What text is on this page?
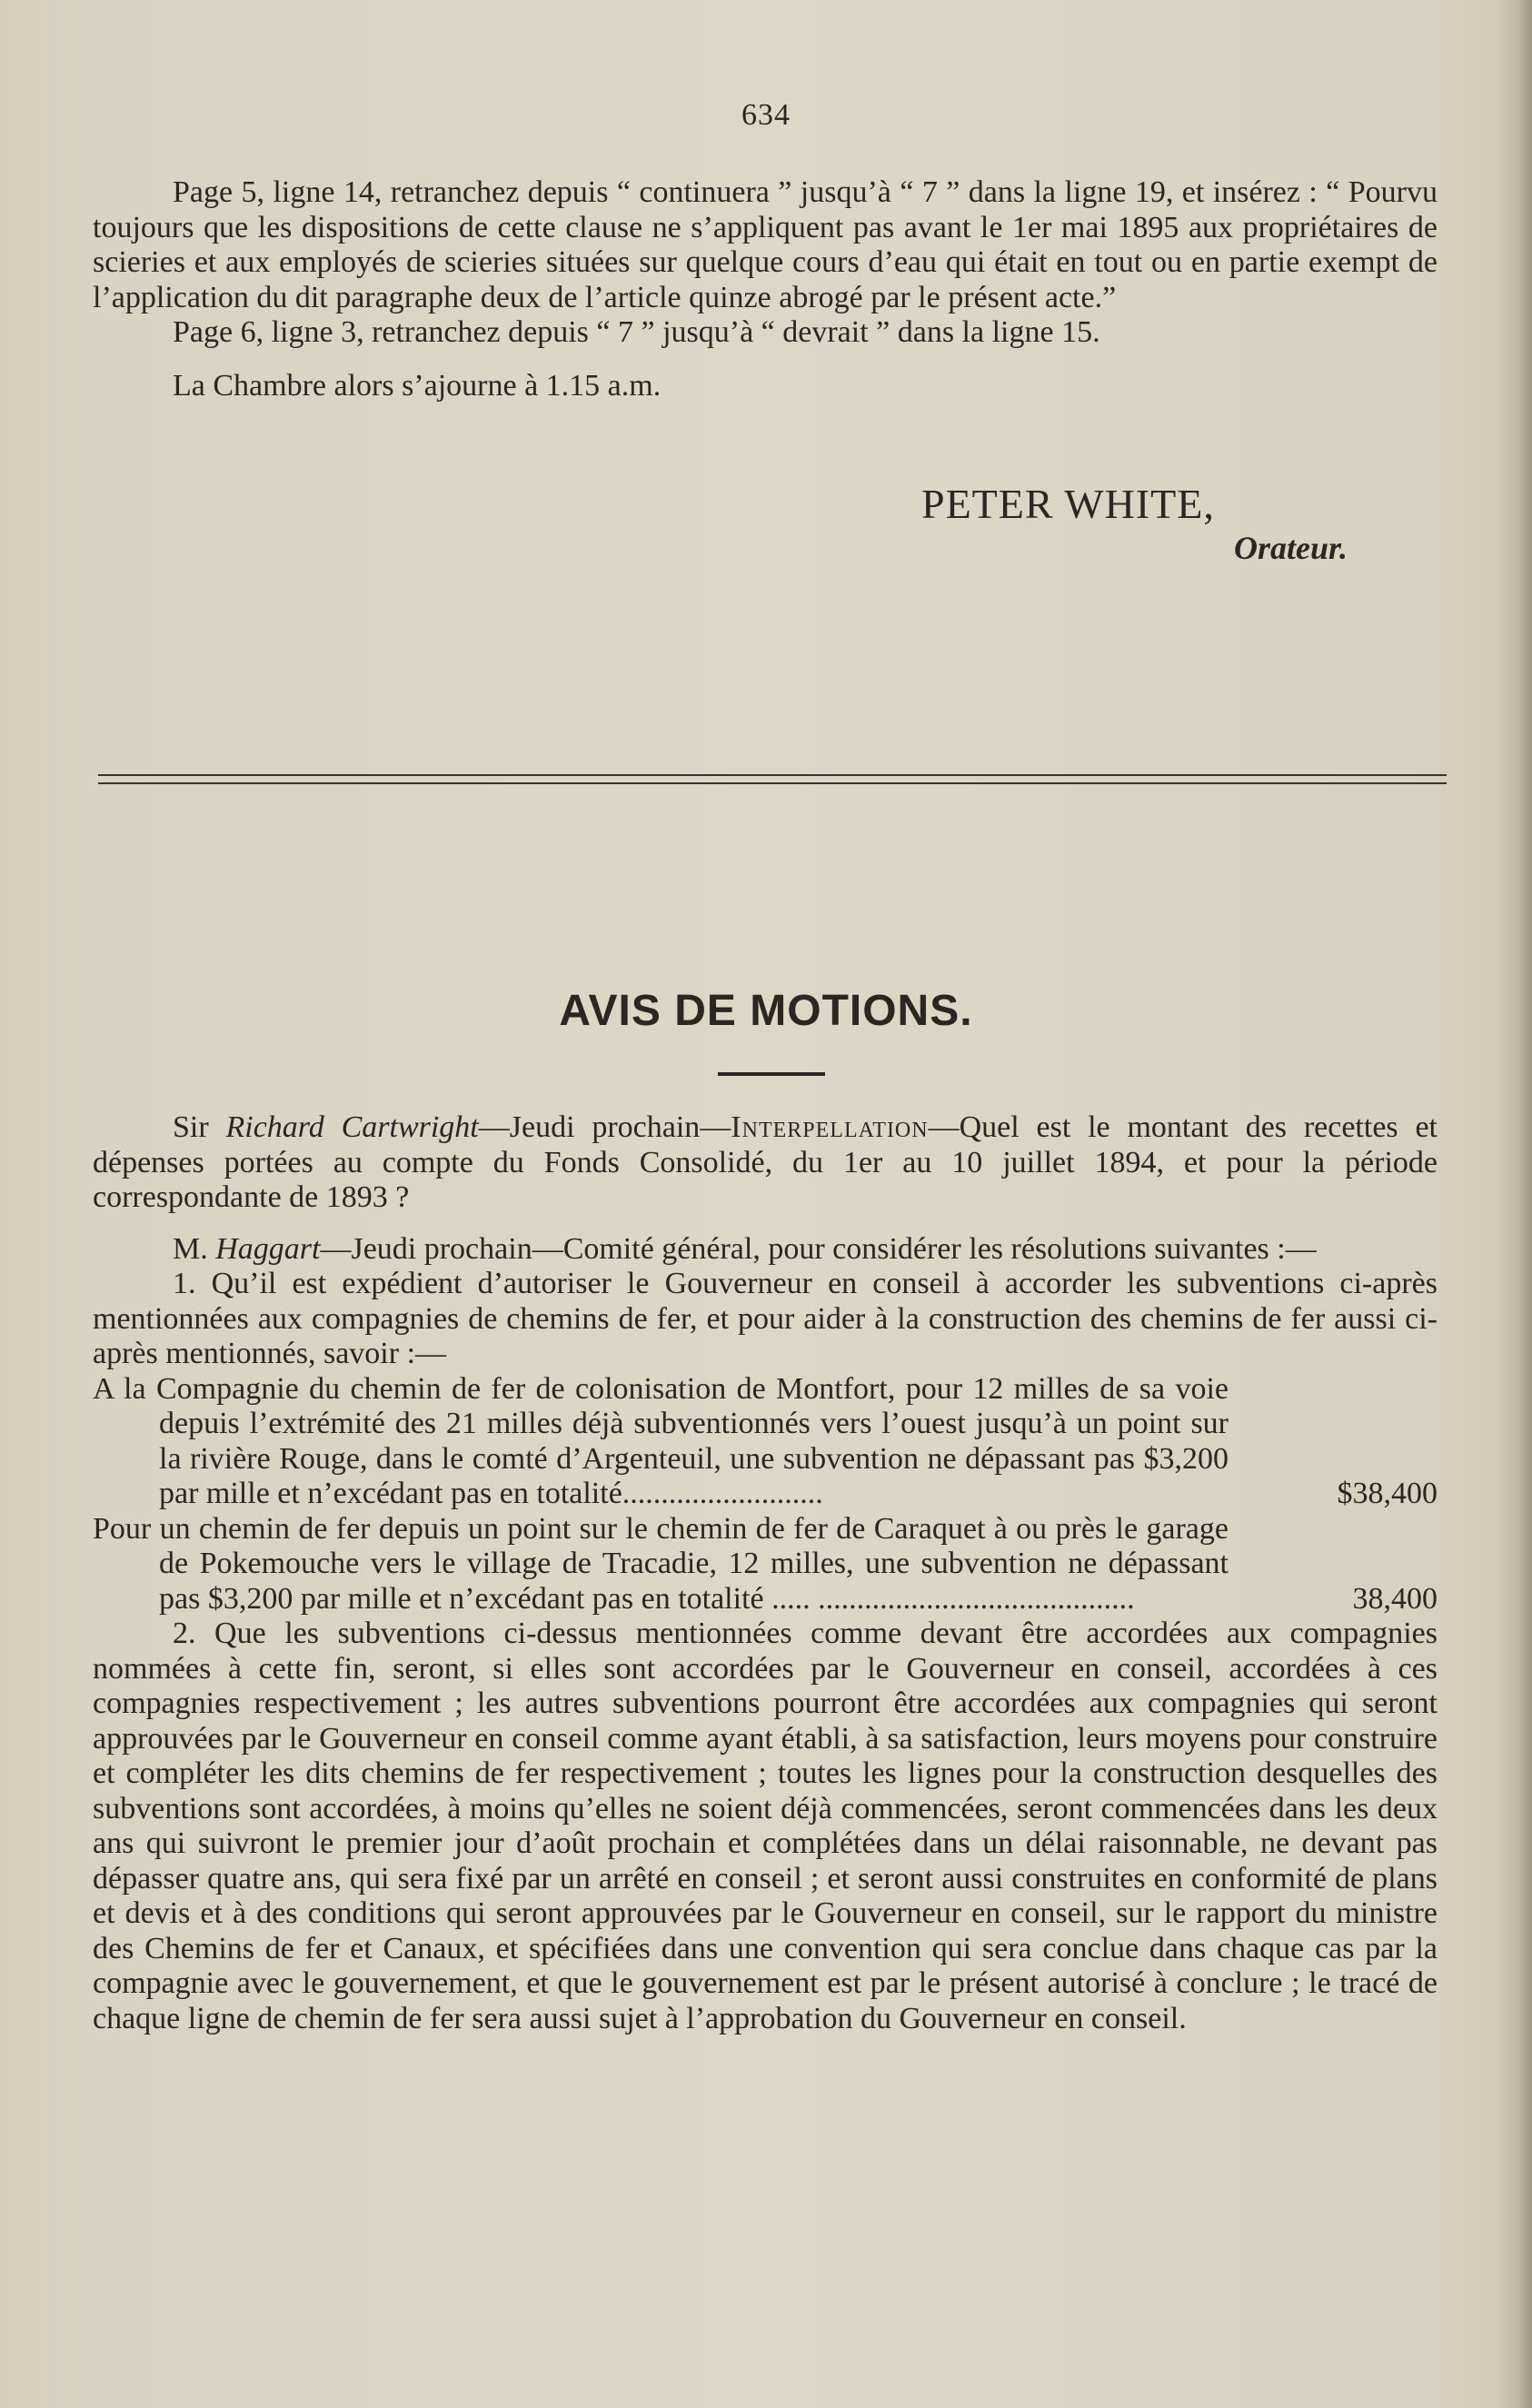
634

Page 5, ligne 14, retranchez depuis “ continuera ” jusqu’à “ 7 ” dans la ligne 19, et insérez : “ Pourvu toujours que les dispositions de cette clause ne s’appliquent pas avant le 1er mai 1895 aux propriétaires de scieries et aux employés de scieries situées sur quelque cours d’eau qui était en tout ou en partie exempt de l’application du dit paragraphe deux de l’article quinze abrogé par le présent acte.”

Page 6, ligne 3, retranchez depuis “ 7 ” jusqu’à “ devrait ” dans la ligne 15.

La Chambre alors s’ajourne à 1.15 a.m.

PETER WHITE,
Orateur.
AVIS DE MOTIONS.

Sir Richard Cartwright—Jeudi prochain—Interpellation—Quel est le montant des recettes et dépenses portées au compte du Fonds Consolidé, du 1er au 10 juillet 1894, et pour la période correspondante de 1893 ?

M. Haggart—Jeudi prochain—Comité général, pour considérer les résolutions suivantes :—

1. Qu’il est expédient d’autoriser le Gouverneur en conseil à accorder les subventions ci-après mentionnées aux compagnies de chemins de fer, et pour aider à la construction des chemins de fer aussi ci-après mentionnés, savoir :—

A la Compagnie du chemin de fer de colonisation de Montfort, pour 12 milles de sa voie depuis l’extrémité des 21 milles déjà subventionnés vers l’ouest jusqu’à un point sur la rivière Rouge, dans le comté d’Argenteuil, une subvention ne dépassant pas $3,200 par mille et n’excédant pas en totalité..........................	$38,400
Pour un chemin de fer depuis un point sur le chemin de fer de Caraquet à ou près le garage de Pokemouche vers le village de Tracadie, 12 milles, une subvention ne dépassant pas $3,200 par mille et n’excédant pas en totalité ..... .........................................	38,400

2. Que les subventions ci-dessus mentionnées comme devant être accordées aux compagnies nommées à cette fin, seront, si elles sont accordées par le Gouverneur en conseil, accordées à ces compagnies respectivement ; les autres subventions pourront être accordées aux compagnies qui seront approuvées par le Gouverneur en conseil comme ayant établi, à sa satisfaction, leurs moyens pour construire et compléter les dits chemins de fer respectivement ; toutes les lignes pour la construction desquelles des subventions sont accordées, à moins qu’elles ne soient déjà commencées, seront commencées dans les deux ans qui suivront le premier jour d’août prochain et complétées dans un délai raisonnable, ne devant pas dépasser quatre ans, qui sera fixé par un arrêté en conseil ; et seront aussi construites en conformité de plans et devis et à des conditions qui seront approuvées par le Gouverneur en conseil, sur le rapport du ministre des Chemins de fer et Canaux, et spécifiées dans une convention qui sera conclue dans chaque cas par la compagnie avec le gouvernement, et que le gouvernement est par le présent autorisé à conclure ; le tracé de chaque ligne de chemin de fer sera aussi sujet à l’approbation du Gouverneur en conseil.
